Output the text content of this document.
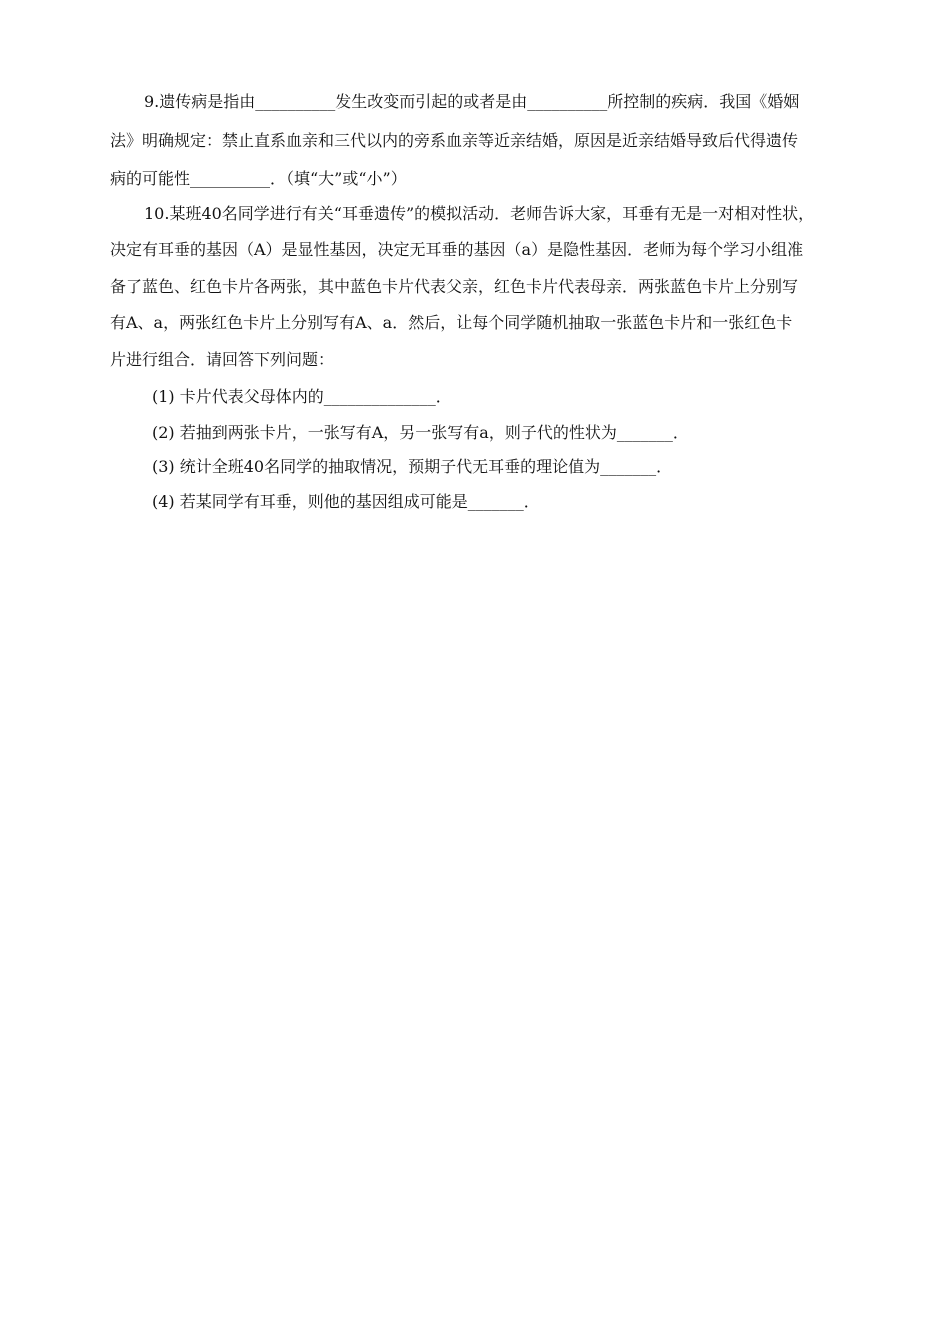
9.遗传病是指由__________发生改变而引起的或者是由__________所控制的疾病．我国《婚姻
法》明确规定：禁止直系血亲和三代以内的旁系血亲等近亲结婚，原因是近亲结婚导致后代得遗传
病的可能性__________．（填“大”或“小”）
10.某班40名同学进行有关“耳垂遗传”的模拟活动．老师告诉大家，耳垂有无是一对相对性状，
决定有耳垂的基因（A）是显性基因，决定无耳垂的基因（a）是隐性基因．老师为每个学习小组准
备了蓝色、红色卡片各两张，其中蓝色卡片代表父亲，红色卡片代表母亲．两张蓝色卡片上分别写
有A、a，两张红色卡片上分别写有A、a．然后，让每个同学随机抽取一张蓝色卡片和一张红色卡
片进行组合．请回答下列问题：
(1) 卡片代表父母体内的______________．
(2) 若抽到两张卡片，一张写有A，另一张写有a，则子代的性状为_______．
(3) 统计全班40名同学的抽取情况，预期子代无耳垂的理论值为_______．
(4) 若某同学有耳垂，则他的基因组成可能是_______．
